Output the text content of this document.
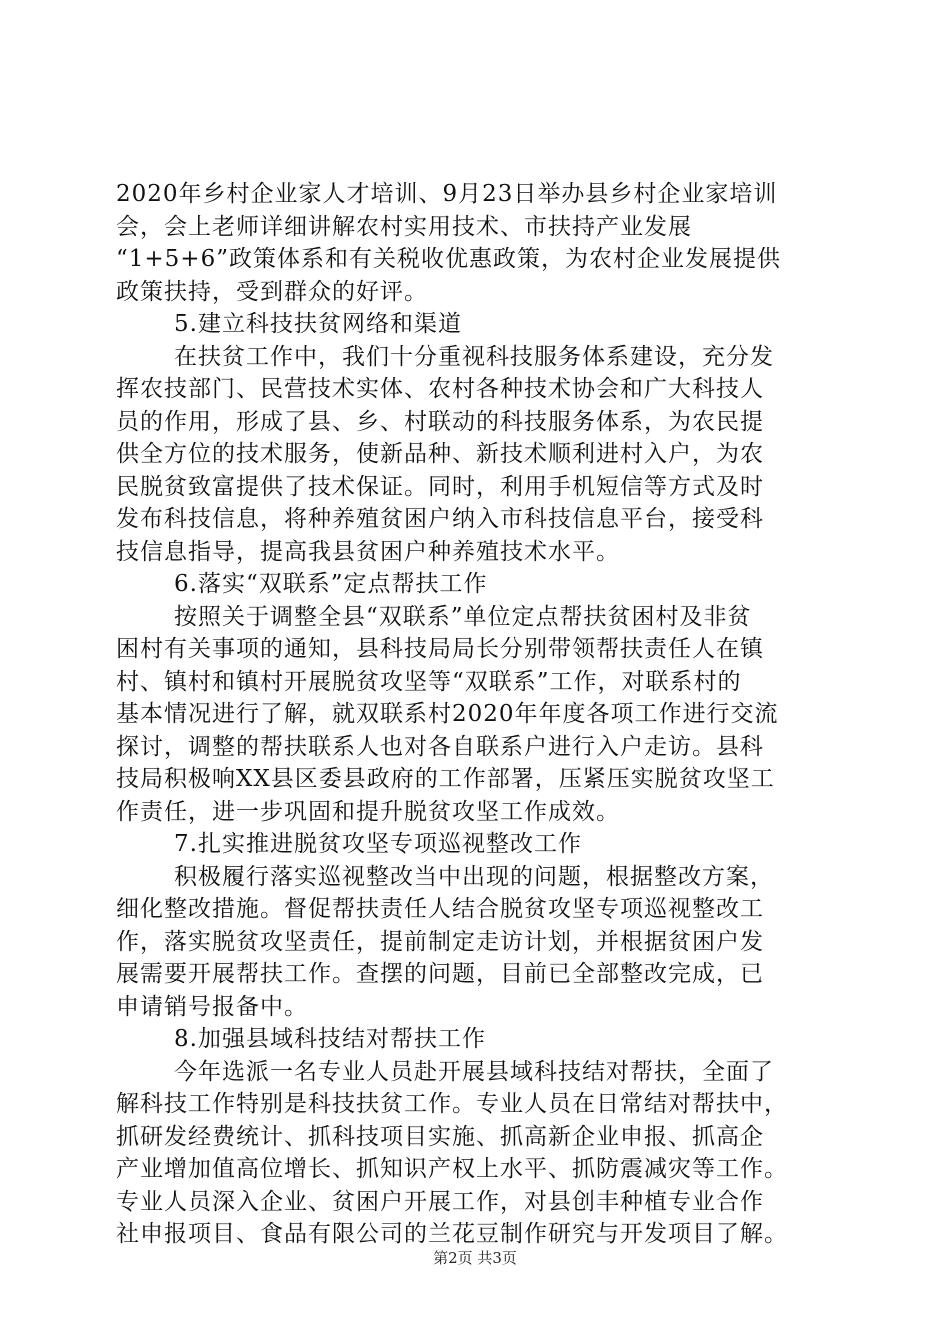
2020年乡村企业家人才培训、9月23日举办县乡村企业家培训
会，会上老师详细讲解农村实用技术、市扶持产业发展
“1+5+6”政策体系和有关税收优惠政策，为农村企业发展提供
政策扶持，受到群众的好评。
5.建立科技扶贫网络和渠道
在扶贫工作中，我们十分重视科技服务体系建设，充分发
挥农技部门、民营技术实体、农村各种技术协会和广大科技人
员的作用，形成了县、乡、村联动的科技服务体系，为农民提
供全方位的技术服务，使新品种、新技术顺利进村入户，为农
民脱贫致富提供了技术保证。同时，利用手机短信等方式及时
发布科技信息，将种养殖贫困户纳入市科技信息平台，接受科
技信息指导，提高我县贫困户种养殖技术水平。
6.落实“双联系”定点帮扶工作
按照关于调整全县“双联系”单位定点帮扶贫困村及非贫
困村有关事项的通知，县科技局局长分别带领帮扶责任人在镇
村、镇村和镇村开展脱贫攻坚等“双联系”工作，对联系村的
基本情况进行了解，就双联系村2020年年度各项工作进行交流
探讨，调整的帮扶联系人也对各自联系户进行入户走访。县科
技局积极响XX县区委县政府的工作部署，压紧压实脱贫攻坚工
作责任，进一步巩固和提升脱贫攻坚工作成效。
7.扎实推进脱贫攻坚专项巡视整改工作
积极履行落实巡视整改当中出现的问题，根据整改方案，
细化整改措施。督促帮扶责任人结合脱贫攻坚专项巡视整改工
作，落实脱贫攻坚责任，提前制定走访计划，并根据贫困户发
展需要开展帮扶工作。查摆的问题，目前已全部整改完成，已
申请销号报备中。
8.加强县域科技结对帮扶工作
今年选派一名专业人员赴开展县域科技结对帮扶，全面了
解科技工作特别是科技扶贫工作。专业人员在日常结对帮扶中，
抓研发经费统计、抓科技项目实施、抓高新企业申报、抓高企
产业增加值高位增长、抓知识产权上水平、抓防震减灾等工作。
专业人员深入企业、贫困户开展工作，对县创丰种植专业合作
社申报项目、食品有限公司的兰花豆制作研究与开发项目了解。
第2页 共3页
